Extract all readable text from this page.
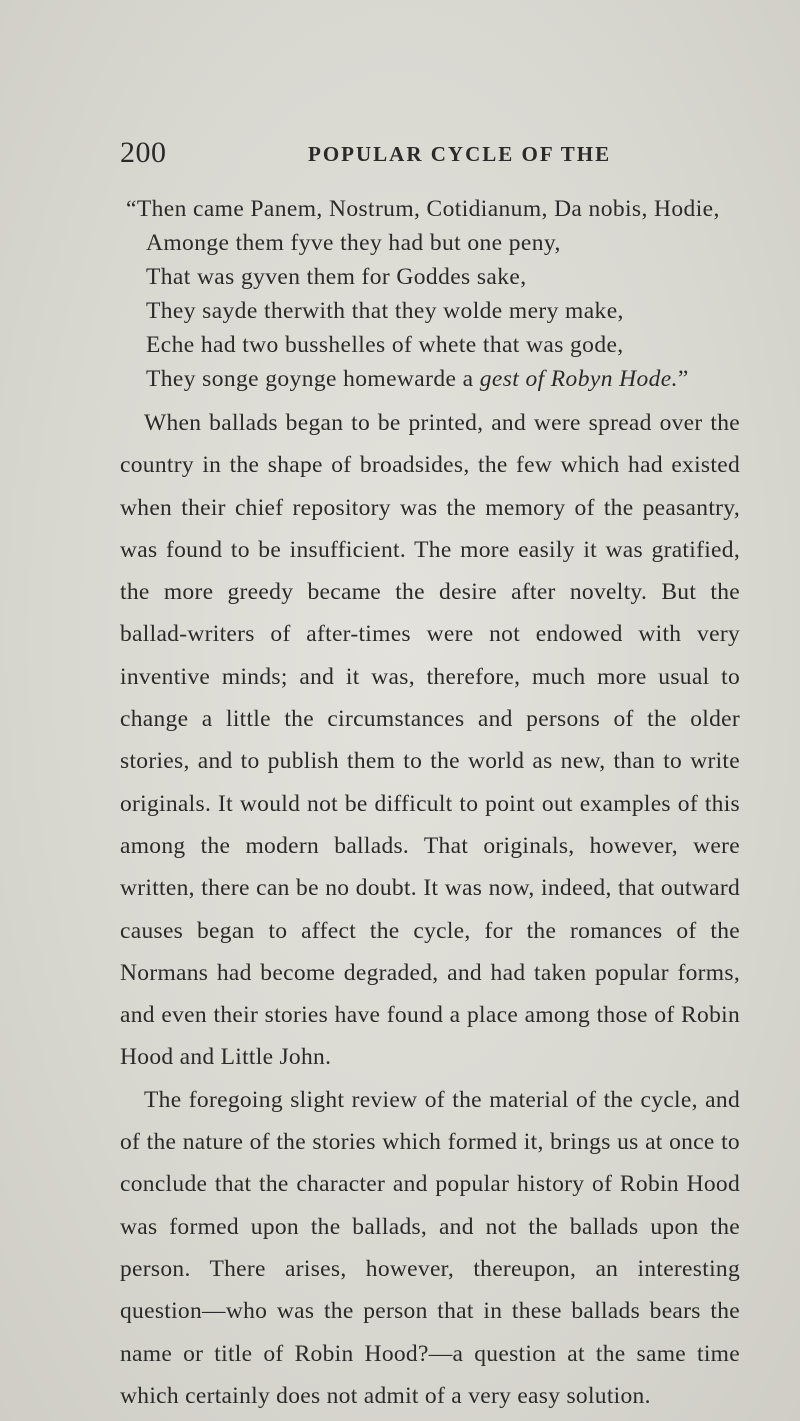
200	POPULAR CYCLE OF THE
“Then came Panem, Nostrum, Cotidianum, Da nobis, Hodie,
Amonge them fyve they had but one peny,
That was gyven them for Goddes sake,
They sayde therwith that they wolde mery make,
Eche had two busshelles of whete that was gode,
They songe goynge homewarde a gest of Robyn Hode.”

When ballads began to be printed, and were spread over the country in the shape of broadsides, the few which had existed when their chief repository was the memory of the peasantry, was found to be insufficient. The more easily it was gratified, the more greedy became the desire after novelty. But the ballad-writers of after-times were not endowed with very inventive minds; and it was, therefore, much more usual to change a little the circumstances and persons of the older stories, and to publish them to the world as new, than to write originals. It would not be difficult to point out examples of this among the modern ballads. That originals, however, were written, there can be no doubt. It was now, indeed, that outward causes began to affect the cycle, for the romances of the Normans had become degraded, and had taken popular forms, and even their stories have found a place among those of Robin Hood and Little John.

The foregoing slight review of the material of the cycle, and of the nature of the stories which formed it, brings us at once to conclude that the character and popular history of Robin Hood was formed upon the ballads, and not the ballads upon the person. There arises, however, thereupon, an interesting question—who was the person that in these ballads bears the name or title of Robin Hood?—a question at the same time which certainly does not admit of a very easy solution.
